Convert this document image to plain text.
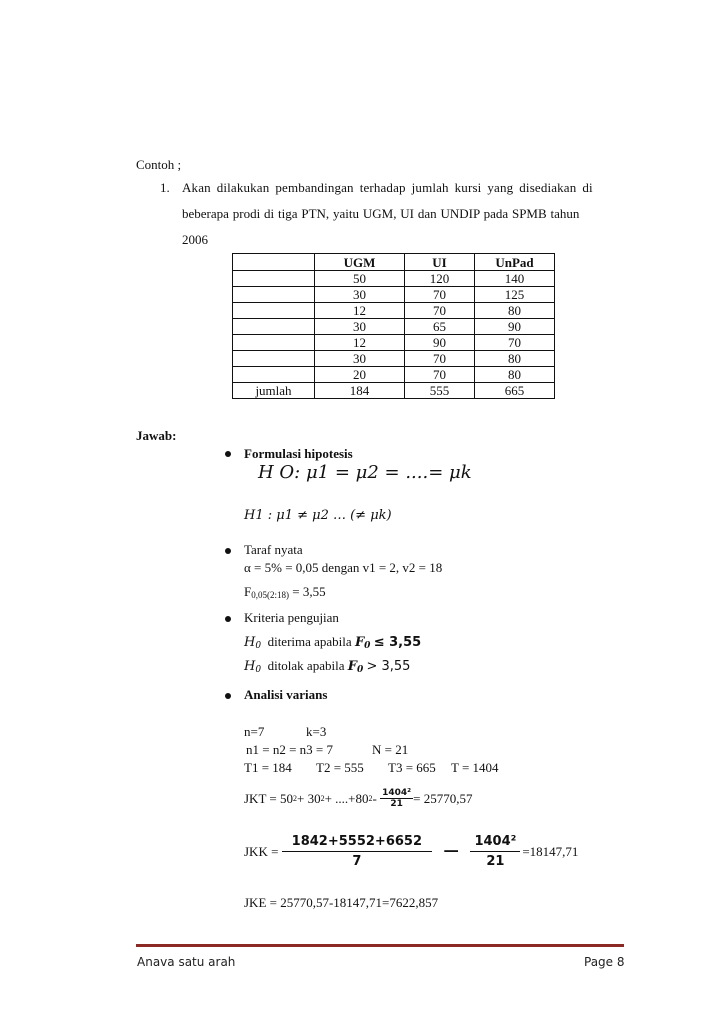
Contoh ;
1. Akan dilakukan pembandingan terhadap jumlah kursi yang disediakan di
beberapa prodi di tiga PTN, yaitu UGM, UI dan UNDIP pada SPMB tahun
2006
	UGM	UI	UnPad
	50	120	140
	30	70	125
	12	70	80
	30	65	90
	12	90	70
	30	70	80
	20	70	80
jumlah	184	555	665
Jawab:
Formulasi hipotesis
H O: μ1 = μ2 = ....= μk
H1 : μ1 ≠ μ2 … (≠ μk)
Taraf nyata
α = 5% = 0,05 dengan v1 = 2, v2 = 18
$F_{0,05(2:18)} = 3,55$
Kriteria pengujian
$H_0$ diterima apabila $F_0 \le 3,55$
$H_0$ ditolak apabila $F_0 > 3,55$
Analisi varians
n=7	k=3
n1 = n2 = n3 = 7	N = 21
T1 = 184 T2 = 555 T3 = 665 T = 1404
JKT = 50 2 + 30 2 + ....+80 2 -
$\frac{\text{1404²}}{21} = 25770,57$
JKK =
$\frac{1842+5552+6652}{7} - \frac{\text{1404²}}{21} =18147,71$
JKE = 25770,57-18147,71=7622,857
Anava satu arah	Page 8
